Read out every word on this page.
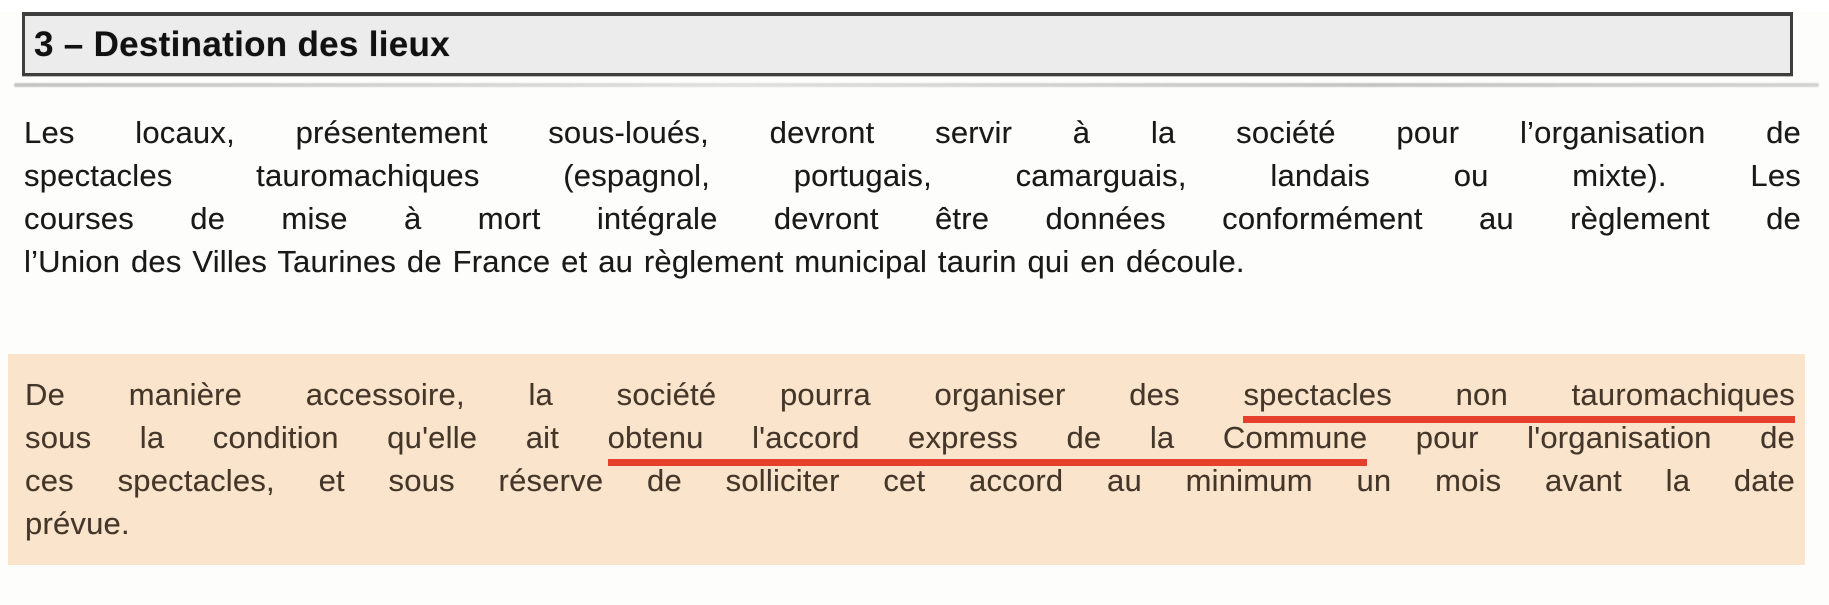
3 – Destination des lieux
Les locaux, présentement sous-loués, devront servir à la société pour l’organisation de
spectacles tauromachiques (espagnol, portugais, camarguais, landais ou mixte). Les
courses de mise à mort intégrale devront être données conformément au règlement de
l’Union des Villes Taurines de France et au règlement municipal taurin qui en découle.
De manière accessoire, la société pourra organiser des spectacles non tauromachiques
sous la condition qu'elle ait obtenu l'accord express de la Commune pour l'organisation de
ces spectacles, et sous réserve de solliciter cet accord au minimum un mois avant la date
prévue.
